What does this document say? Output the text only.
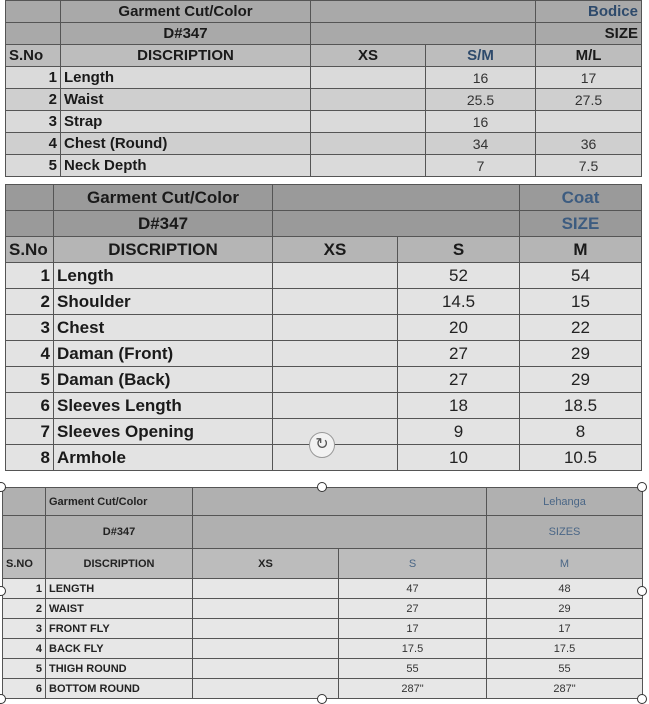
	Garment Cut/Color			Bodice
	D#347			SIZE
S.No	DISCRIPTION	XS	S/M	M/L
1	Length		16	17
2	Waist		25.5	27.5
3	Strap		16	
4	Chest (Round)		34	36
5	Neck Depth		7	7.5
	Garment Cut/Color			Coat
	D#347			SIZE
S.No	DISCRIPTION	XS	S	M
1	Length		52	54
2	Shoulder		14.5	15
3	Chest		20	22
4	Daman (Front)		27	29
5	Daman (Back)		27	29
6	Sleeves Length		18	18.5
7	Sleeves Opening		9	8
8	Armhole		10	10.5
	Garment Cut/Color			Lehanga
	D#347			SIZES
S.NO	DISCRIPTION	XS	S	M
1	LENGTH		47	48
2	WAIST		27	29
3	FRONT FLY		17	17
4	BACK FLY		17.5	17.5
5	THIGH ROUND		55	55
6	BOTTOM ROUND		287"	287"
↻
